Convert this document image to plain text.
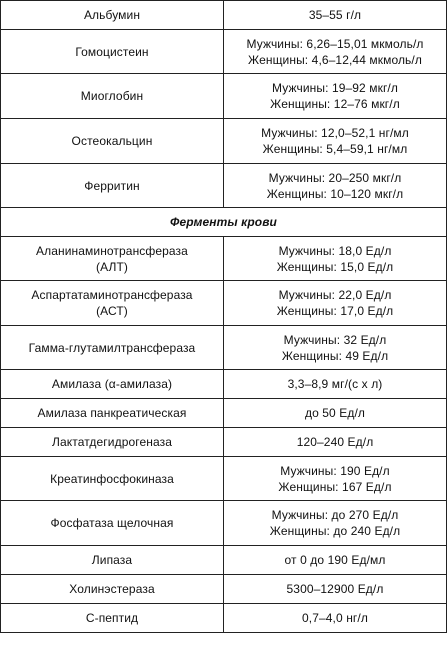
Альбумин	35–55 г/л

Гомоцистеин	Мужчины: 6,26–15,01 мкмоль/л
Женщины: 4,6–12,44 мкмоль/л

Миоглобин	Мужчины: 19–92 мкг/л
Женщины: 12–76 мкг/л

Остеокальцин	Мужчины: 12,0–52,1 нг/мл
Женщины: 5,4–59,1 нг/мл

Ферритин	Мужчины: 20–250 мкг/л
Женщины: 10–120 мкг/л

Ферменты крови	

Аланинаминотрансфераза
(АЛТ)	Мужчины: 18,0 Ед/л
Женщины: 15,0 Ед/л

Аспартатаминотрансфераза
(АСТ)	Мужчины: 22,0 Ед/л
Женщины: 17,0 Ед/л

Гамма-глутамилтрансфераза	Мужчины: 32 Ед/л
Женщины: 49 Ед/л

Амилаза (α-амилаза)	3,3–8,9 мг/(с х л)

Амилаза панкреатическая	до 50 Ед/л

Лактатдегидрогеназа	120–240 Ед/л

Креатинфосфокиназа	Мужчины: 190 Ед/л
Женщины: 167 Ед/л

Фосфатаза щелочная	Мужчины: до 270 Ед/л
Женщины: до 240 Ед/л

Липаза	от 0 до 190 Ед/мл

Холинэстераза	5300–12900 Ед/л

С-пептид	0,7–4,0 нг/л
